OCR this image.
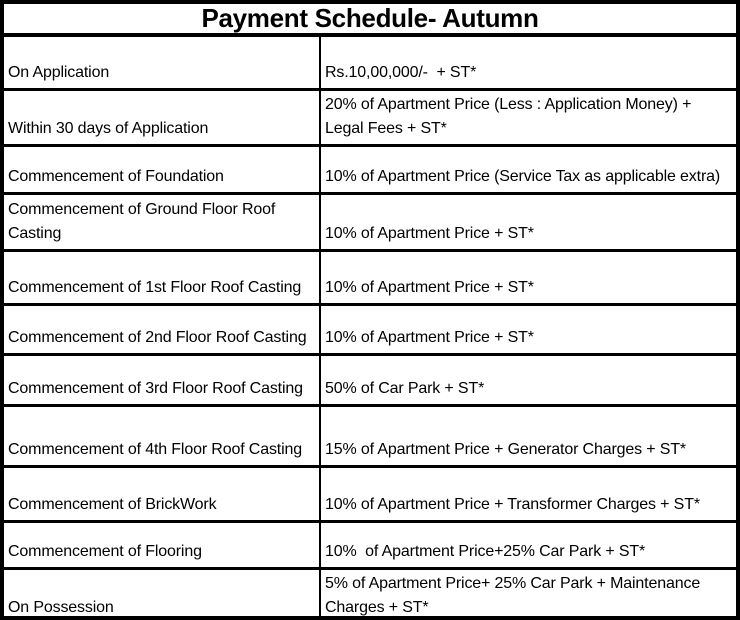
Payment Schedule- Autumn
On Application	Rs.10,00,000/-  + ST*
Within 30 days of Application	20% of Apartment Price (Less : Application Money) + Legal Fees + ST*
Commencement of Foundation	10% of Apartment Price (Service Tax as applicable extra)
Commencement of Ground Floor Roof Casting	10% of Apartment Price + ST*
Commencement of 1st Floor Roof Casting	10% of Apartment Price + ST*
Commencement of 2nd Floor Roof Casting	10% of Apartment Price + ST*
Commencement of 3rd Floor Roof Casting	50% of Car Park + ST*
Commencement of 4th Floor Roof Casting	15% of Apartment Price + Generator Charges + ST*
Commencement of BrickWork	10% of Apartment Price + Transformer Charges + ST*
Commencement of Flooring	10%  of Apartment Price+25% Car Park + ST*
On Possession	5% of Apartment Price+ 25% Car Park + Maintenance Charges + ST*
